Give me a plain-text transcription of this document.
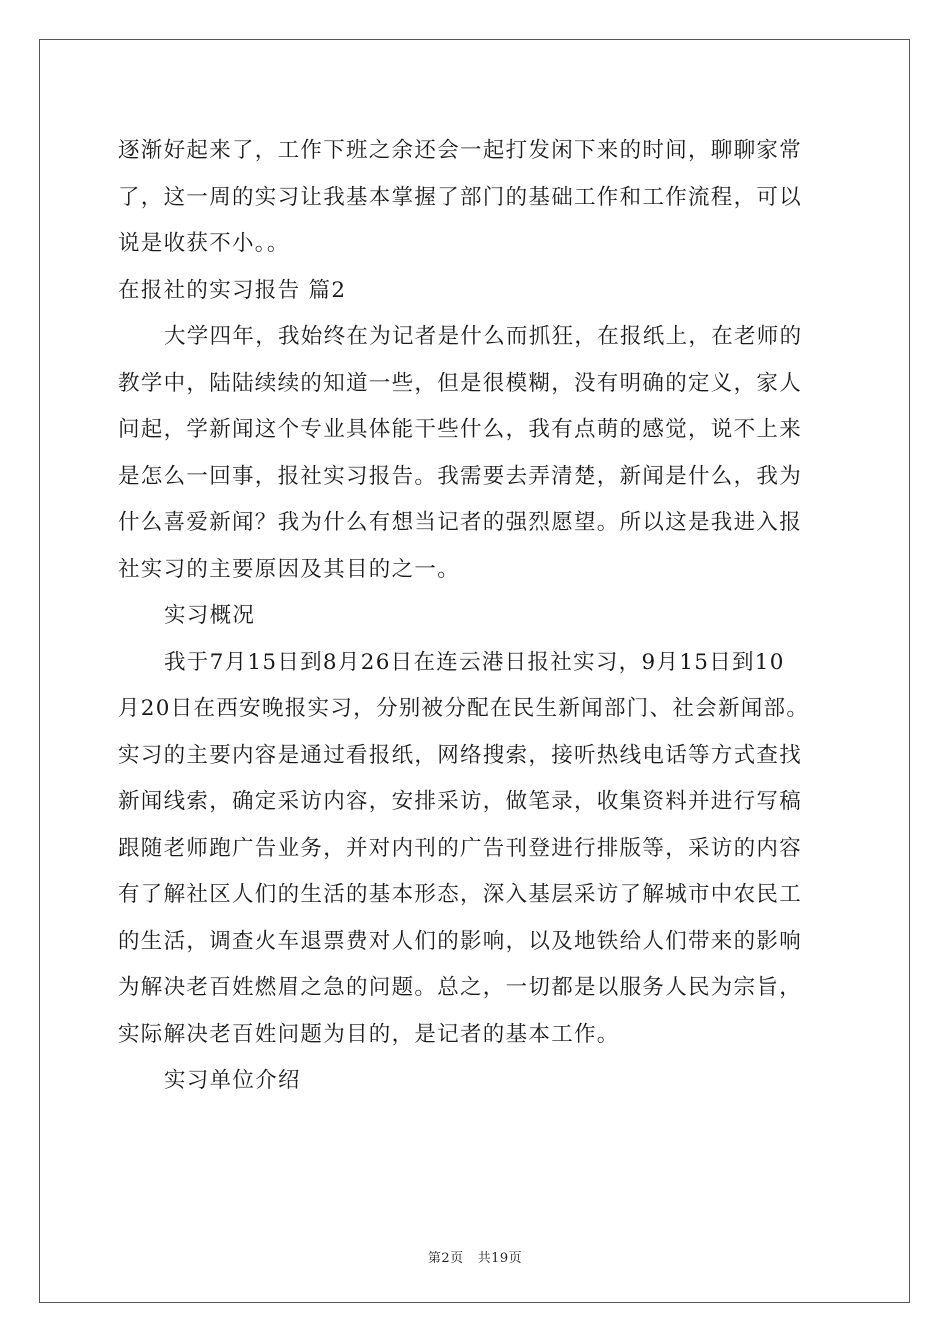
逐渐好起来了，工作下班之余还会一起打发闲下来的时间，聊聊家常
了，这一周的实习让我基本掌握了部门的基础工作和工作流程，可以
说是收获不小。。
在报社的实习报告 篇2
大学四年，我始终在为记者是什么而抓狂，在报纸上，在老师的
教学中，陆陆续续的知道一些，但是很模糊，没有明确的定义，家人
问起，学新闻这个专业具体能干些什么，我有点萌的感觉，说不上来
是怎么一回事，报社实习报告。我需要去弄清楚，新闻是什么，我为
什么喜爱新闻？我为什么有想当记者的强烈愿望。所以这是我进入报
社实习的主要原因及其目的之一。
实习概况
我于7月15日到8月26日在连云港日报社实习，9月15日到10
月20日在西安晚报实习，分别被分配在民生新闻部门、社会新闻部。
实习的主要内容是通过看报纸，网络搜索，接听热线电话等方式查找
新闻线索，确定采访内容，安排采访，做笔录，收集资料并进行写稿
跟随老师跑广告业务，并对内刊的广告刊登进行排版等，采访的内容
有了解社区人们的生活的基本形态，深入基层采访了解城市中农民工
的生活，调查火车退票费对人们的影响，以及地铁给人们带来的影响
为解决老百姓燃眉之急的问题。总之，一切都是以服务人民为宗旨，
实际解决老百姓问题为目的，是记者的基本工作。
实习单位介绍
第2页 共19页
